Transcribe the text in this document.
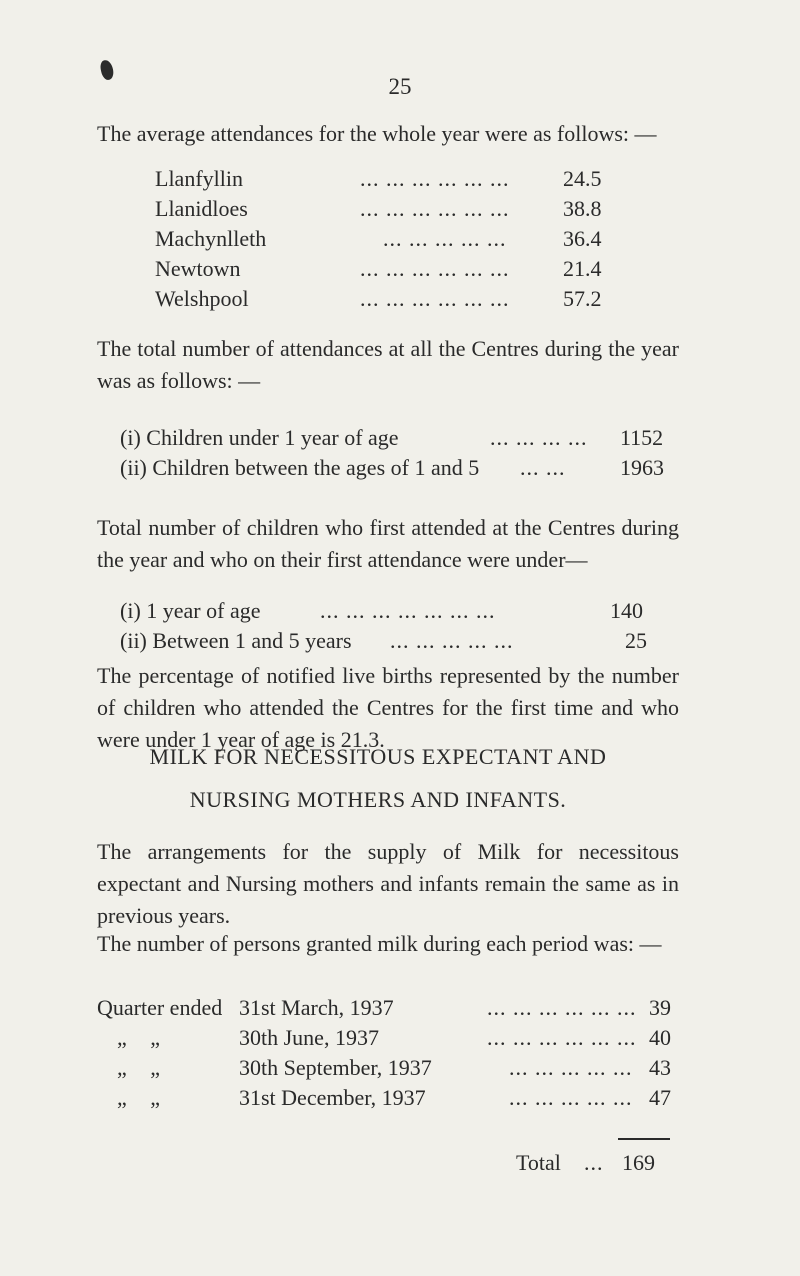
25

The average attendances for the whole year were as follows: —

Llanfyllin	... ... ... ... ... ... 24.5
Llanidloes	... ... ... ... ... ... 38.8
Machynlleth	... ... ... ... ...	36.4
Newtown	... ... ... ... ... ... 21.4
Welshpool	... ... ... ... ... ... 57.2

The total number of attendances at all the Centres during the year was as follows: —

(i) Children under 1 year of age	... ... ... ... 1152
(ii) Children between the ages of 1 and 5 ... ... 1963

Total number of children who first attended at the Centres during the year and who on their first attendance were under—

(i) 1 year of age	... ... ... ... ... ... ...	140
(ii) Between 1 and 5 years ... ... ... ... ...	25

The percentage of notified live births represented by the number of children who attended the Centres for the first time and who were under 1 year of age is 21.3.

MILK FOR NECESSITOUS EXPECTANT AND
NURSING MOTHERS AND INFANTS.

The arrangements for the supply of Milk for necessitous expectant and Nursing mothers and infants remain the same as in previous years.

The number of persons granted milk during each period was: —

Quarter ended 31st March, 1937	... ... ... ... ... ... 39
„ „	30th June, 1937	... ... ... ... ... ... 40
„ „	30th September, 1937	... ... ... ... ... 43
„ „	31st December, 1937	... ... ... ... ... 47
Total ... 169
